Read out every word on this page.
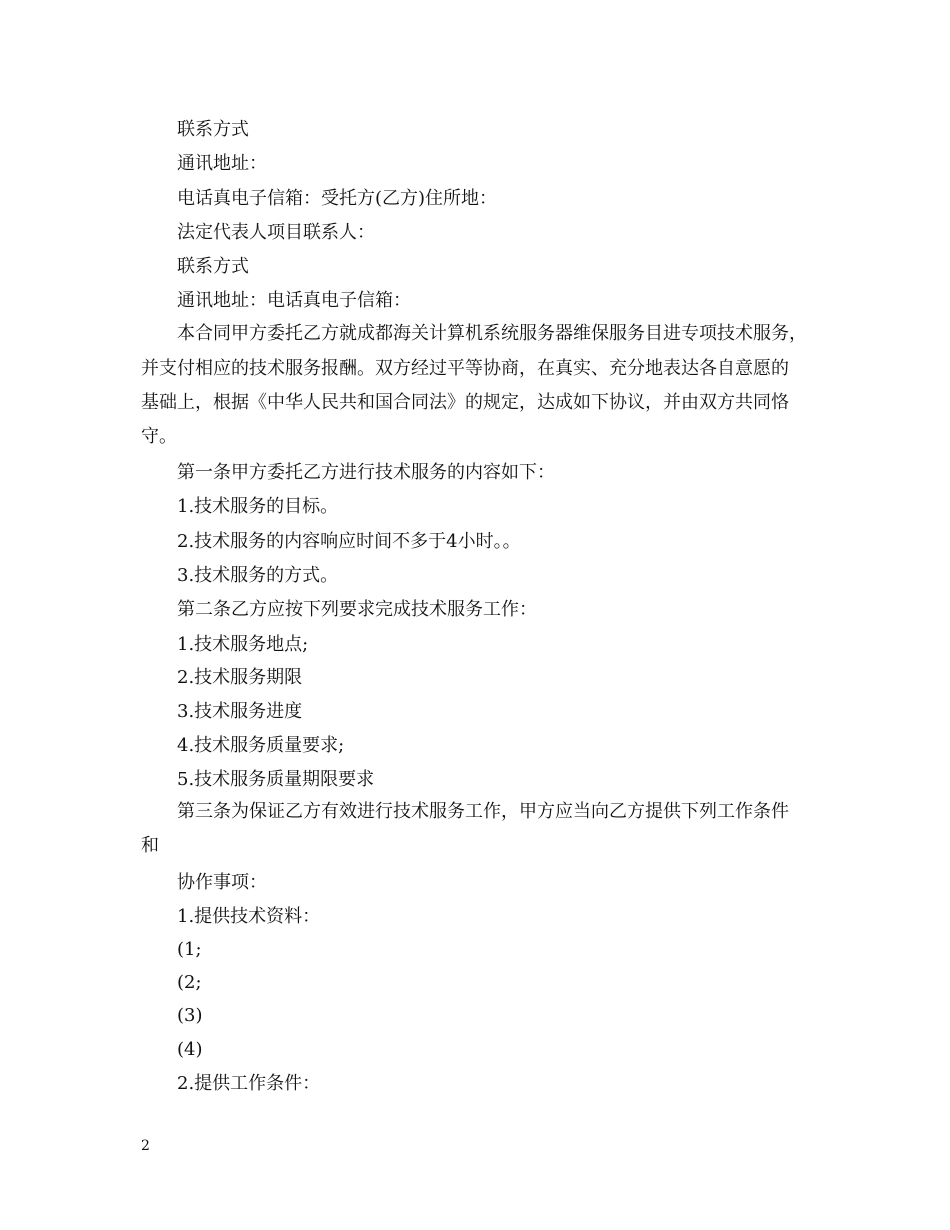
联系方式
通讯地址：
电话真电子信箱：受托方(乙方)住所地：
法定代表人项目联系人：
联系方式
通讯地址：电话真电子信箱：
本合同甲方委托乙方就成都海关计算机系统服务器维保服务目进专项技术服务，
并支付相应的技术服务报酬。双方经过平等协商，在真实、充分地表达各自意愿的
基础上，根据《中华人民共和国合同法》的规定，达成如下协议，并由双方共同恪
守。
第一条甲方委托乙方进行技术服务的内容如下：
1.技术服务的目标。
2.技术服务的内容响应时间不多于4小时。。
3.技术服务的方式。
第二条乙方应按下列要求完成技术服务工作：
1.技术服务地点;
2.技术服务期限
3.技术服务进度
4.技术服务质量要求;
5.技术服务质量期限要求
第三条为保证乙方有效进行技术服务工作，甲方应当向乙方提供下列工作条件
和
协作事项：
1.提供技术资料：
(1;
(2;
(3)
(4)
2.提供工作条件：
2
